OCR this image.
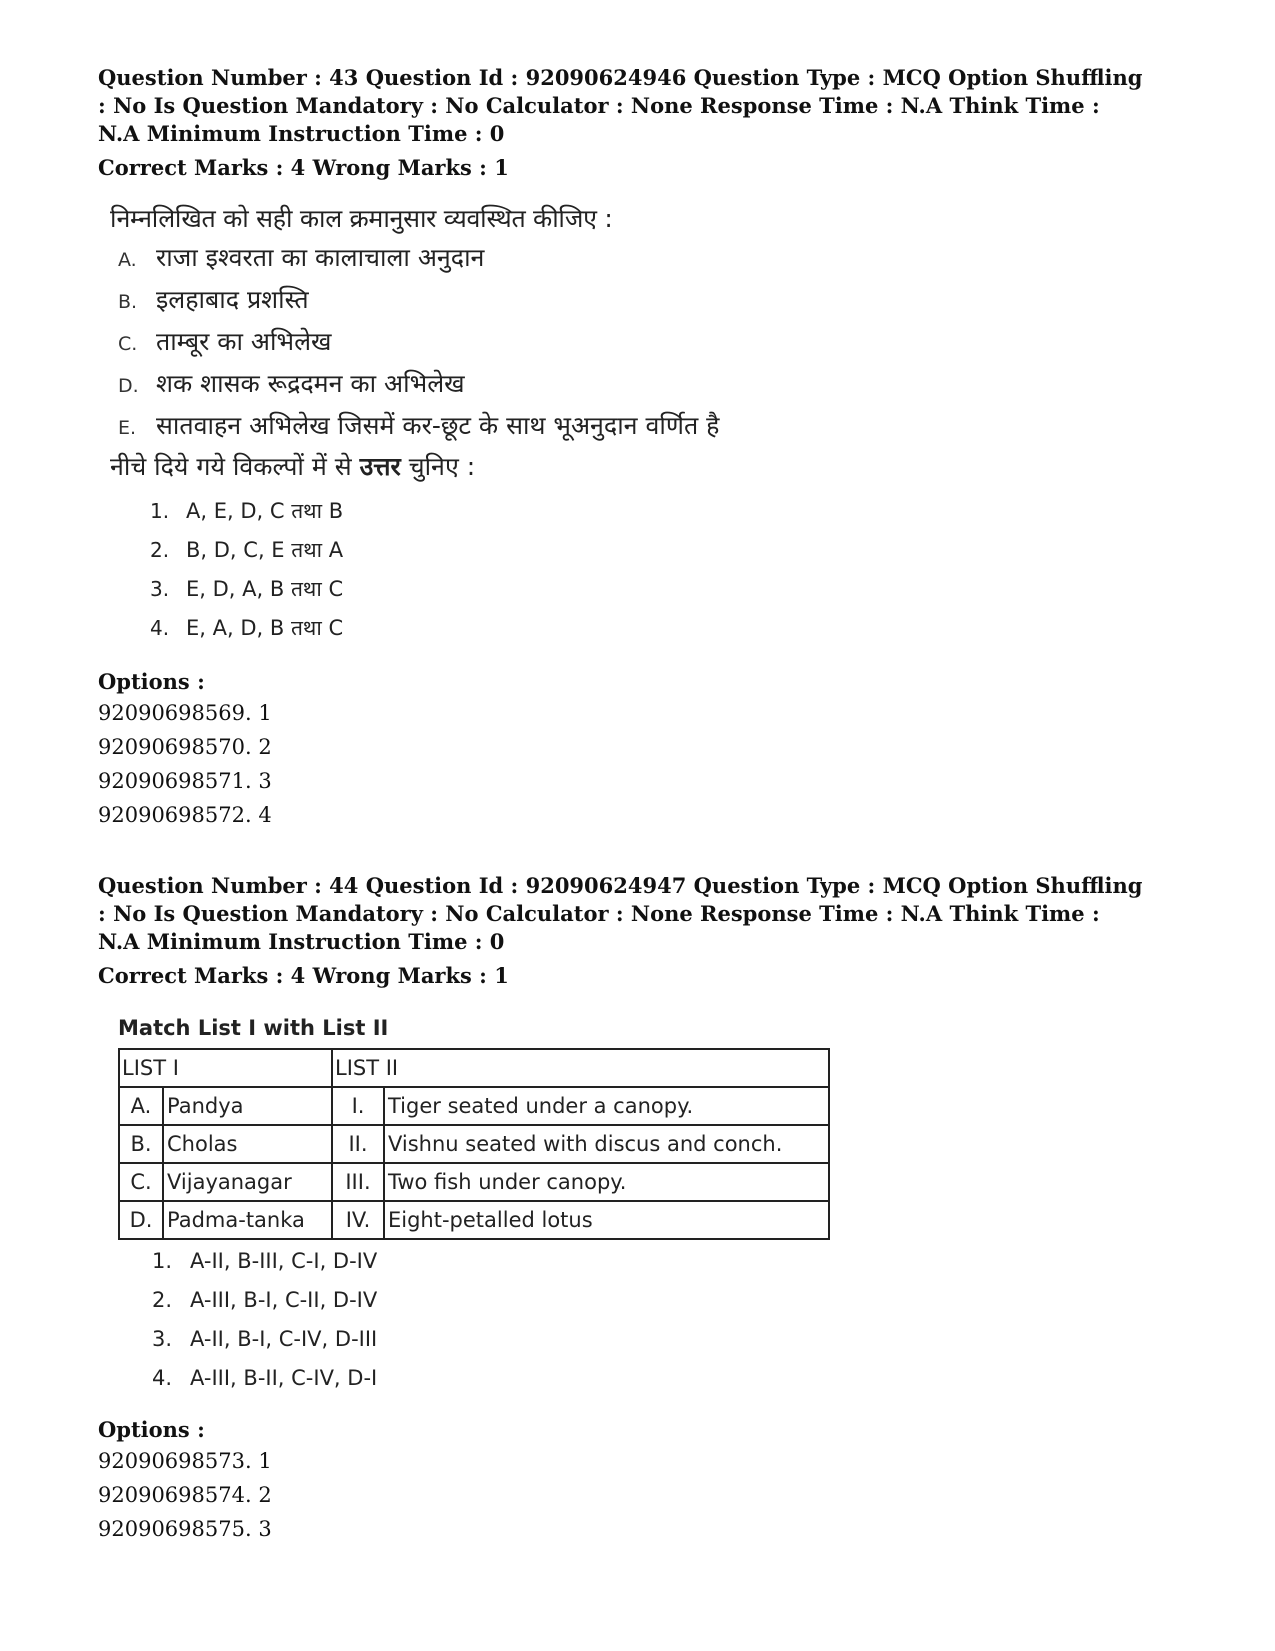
Question Number : 43 Question Id : 92090624946 Question Type : MCQ Option Shuffling : No Is Question Mandatory : No Calculator : None Response Time : N.A Think Time : N.A Minimum Instruction Time : 0

Correct Marks : 4 Wrong Marks : 1
निम्नलिखित को सही काल क्रमानुसार व्यवस्थित कीजिए :
A. राजा इश्वरता का कालाचाला अनुदान
B. इलहाबाद प्रशस्ति
C. ताम्बूर का अभिलेख
D. शक शासक रूद्रदमन का अभिलेख
E. सातवाहन अभिलेख जिसमें कर-छूट के साथ भूअनुदान वर्णित है
नीचे दिये गये विकल्पों में से उत्तर चुनिए :
1. A, E, D, C तथा B
2. B, D, C, E तथा A
3. E, D, A, B तथा C
4. E, A, D, B तथा C
Options :
92090698569. 1
92090698570. 2
92090698571. 3
92090698572. 4

Question Number : 44 Question Id : 92090624947 Question Type : MCQ Option Shuffling : No Is Question Mandatory : No Calculator : None Response Time : N.A Think Time : N.A Minimum Instruction Time : 0

Correct Marks : 4 Wrong Marks : 1
Match List I with List II
LIST I		LIST II	
A.	Pandya	I.	Tiger seated under a canopy.
B.	Cholas	II.	Vishnu seated with discus and conch.
C.	Vijayanagar	III.	Two fish under canopy.
D.	Padma-tanka	IV.	Eight-petalled lotus
1. A-II, B-III, C-I, D-IV
2. A-III, B-I, C-II, D-IV
3. A-II, B-I, C-IV, D-III
4. A-III, B-II, C-IV, D-I
Options :
92090698573. 1
92090698574. 2
92090698575. 3
